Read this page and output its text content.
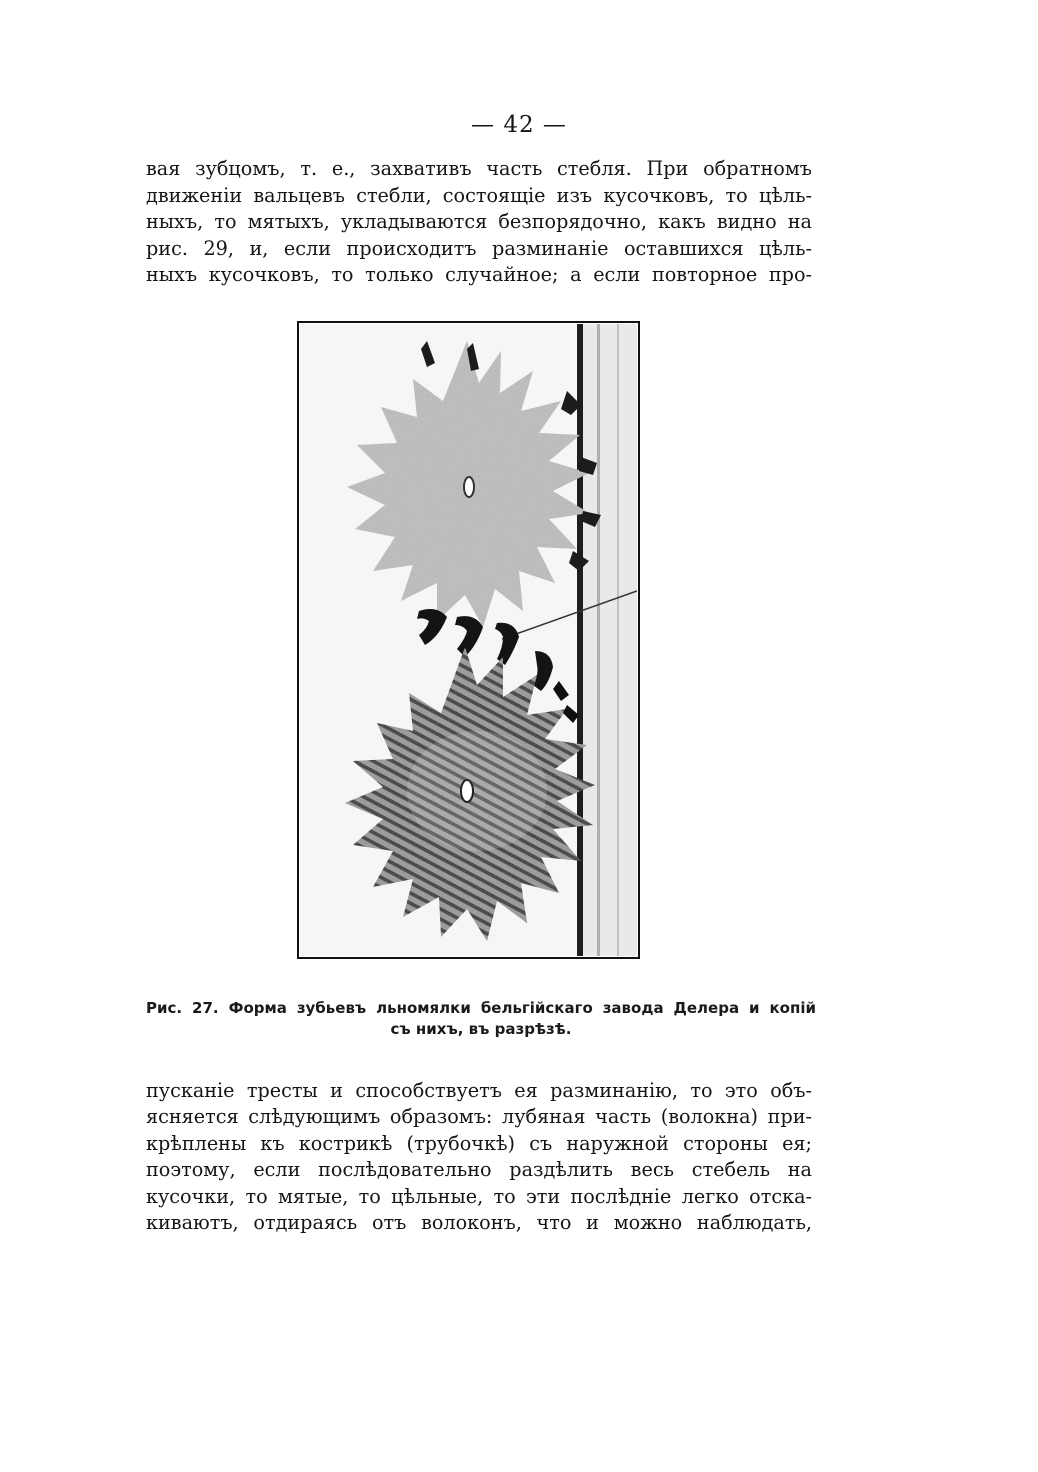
— 42 —
вая зубцомъ, т. е., захвативъ часть стебля. При обратномъ
движеніи вальцевъ стебли, состоящіе изъ кусочковъ, то цѣль-
ныхъ, то мятыхъ, укладываются безпорядочно, какъ видно на
рис. 29, и, если происходитъ разминаніе оставшихся цѣль-
ныхъ кусочковъ, то только случайное; а если повторное про-
Рис. 27. Форма зубьевъ льномялки бельгійскаго завода Делера и копій
съ нихъ, въ разрѣзѣ.
пусканіе тресты и способствуетъ ея разминанію, то это объ-
ясняется слѣдующимъ образомъ: лубяная часть (волокна) при-
крѣплены къ кострикѣ (трубочкѣ) съ наружной стороны ея;
поэтому, если послѣдовательно раздѣлить весь стебель на
кусочки, то мятые, то цѣльные, то эти послѣдніе легко отска-
киваютъ, отдираясь отъ волоконъ, что и можно наблюдать,
